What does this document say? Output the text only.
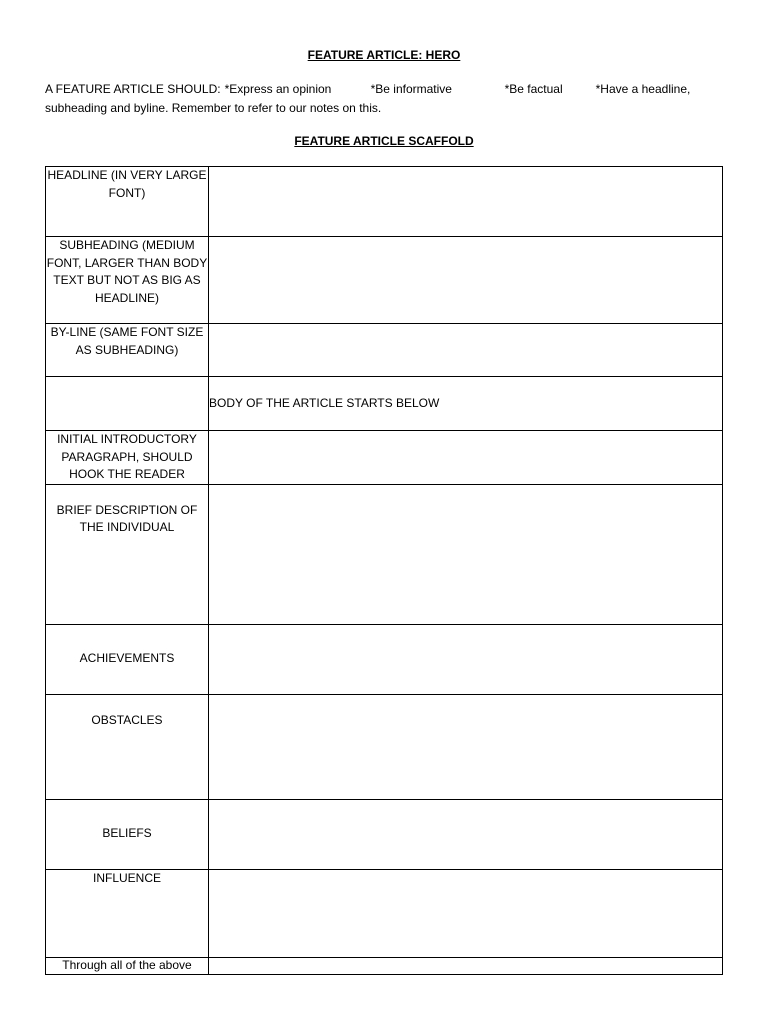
FEATURE ARTICLE: HERO
A FEATURE ARTICLE SHOULD: *Express an opinion	*Be informative	*Be factual	*Have a headline,
subheading and byline. Remember to refer to our notes on this.
FEATURE ARTICLE SCAFFOLD
HEADLINE (IN VERY LARGE FONT)	
SUBHEADING (MEDIUM FONT, LARGER THAN BODY TEXT BUT NOT AS BIG AS HEADLINE)	
BY-LINE (SAME FONT SIZE AS SUBHEADING)	
	BODY OF THE ARTICLE STARTS BELOW
INITIAL INTRODUCTORY PARAGRAPH, SHOULD HOOK THE READER	
BRIEF DESCRIPTION OF THE INDIVIDUAL	
ACHIEVEMENTS	
OBSTACLES	
BELIEFS	
INFLUENCE	
Through all of the above	
